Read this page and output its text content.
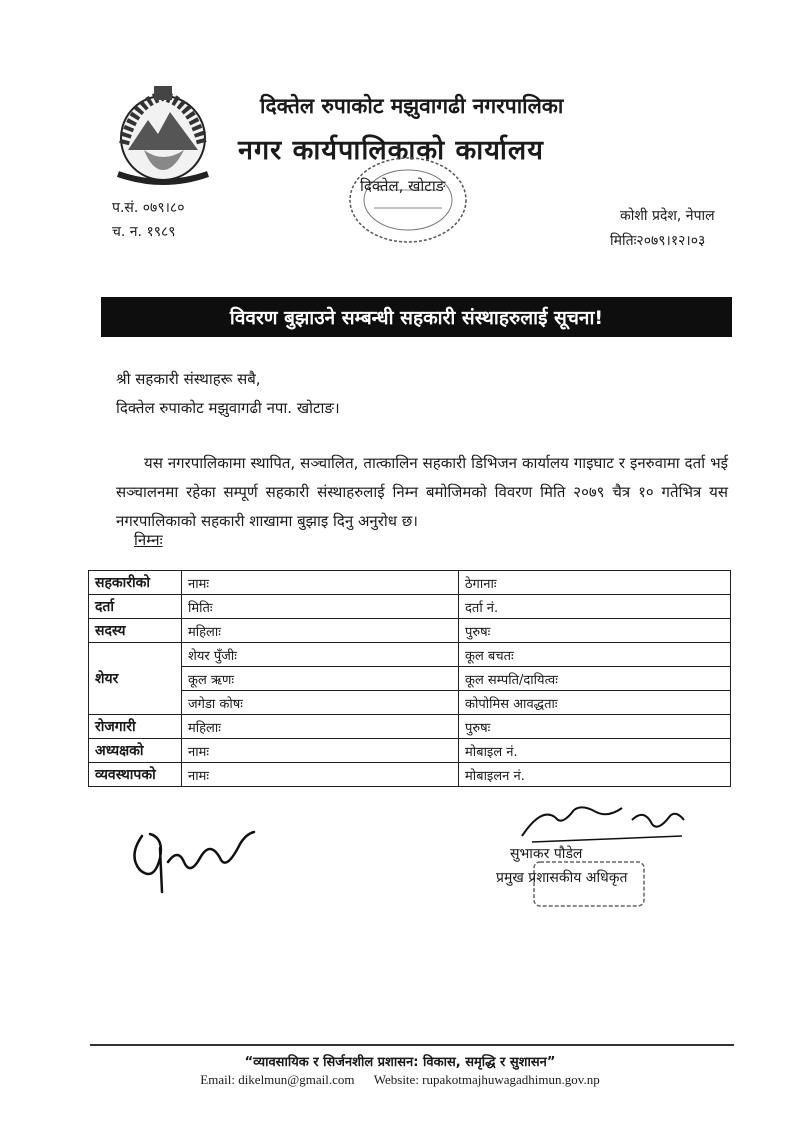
दिक्तेल रुपाकोट मझुवागढी नगरपालिका
नगर कार्यपालिकाको कार्यालय
दिक्तेल, खोटाङ
प.सं. ०७९।८०
च. न. १९८९
कोशी प्रदेश, नेपाल
मितिः२०७९।१२।०३
विवरण बुझाउने सम्बन्धी सहकारी संस्थाहरुलाई सूचना!
श्री सहकारी संस्थाहरू सबै,
दिक्तेल रुपाकोट मझुवागढी नपा. खोटाङ।
यस नगरपालिकामा स्थापित, सञ्चालित, तात्कालिन सहकारी डिभिजन कार्यालय गाइघाट र इनरुवामा दर्ता भई सञ्चालनमा रहेका सम्पूर्ण सहकारी संस्थाहरुलाई निम्न बमोजिमको विवरण मिति २०७९ चैत्र १० गतेभित्र यस नगरपालिकाको सहकारी शाखामा बुझाइ दिनु अनुरोध छ।
निम्नः
सहकारीको	नामः	ठेगानाः
दर्ता	मितिः	दर्ता नं.
सदस्य	महिलाः	पुरुषः
शेयर	शेयर पुँजीः	कूल बचतः
	कूल ऋणः	कूल सम्पति/दायित्वः
	जगेडा कोषः	कोपोमिस आवद्धताः
रोजगारी	महिलाः	पुरुषः
अध्यक्षको	नामः	मोबाइल नं.
व्यवस्थापको	नामः	मोबाइलन नं.
सुभाकर पौडेल
प्रमुख प्रशासकीय अधिकृत
“व्यावसायिक र सिर्जनशील प्रशासन: विकास, समृद्धि र सुशासन”
Email: dikelmun@gmail.com Website: rupakotmajhuwagadhimun.gov.np
